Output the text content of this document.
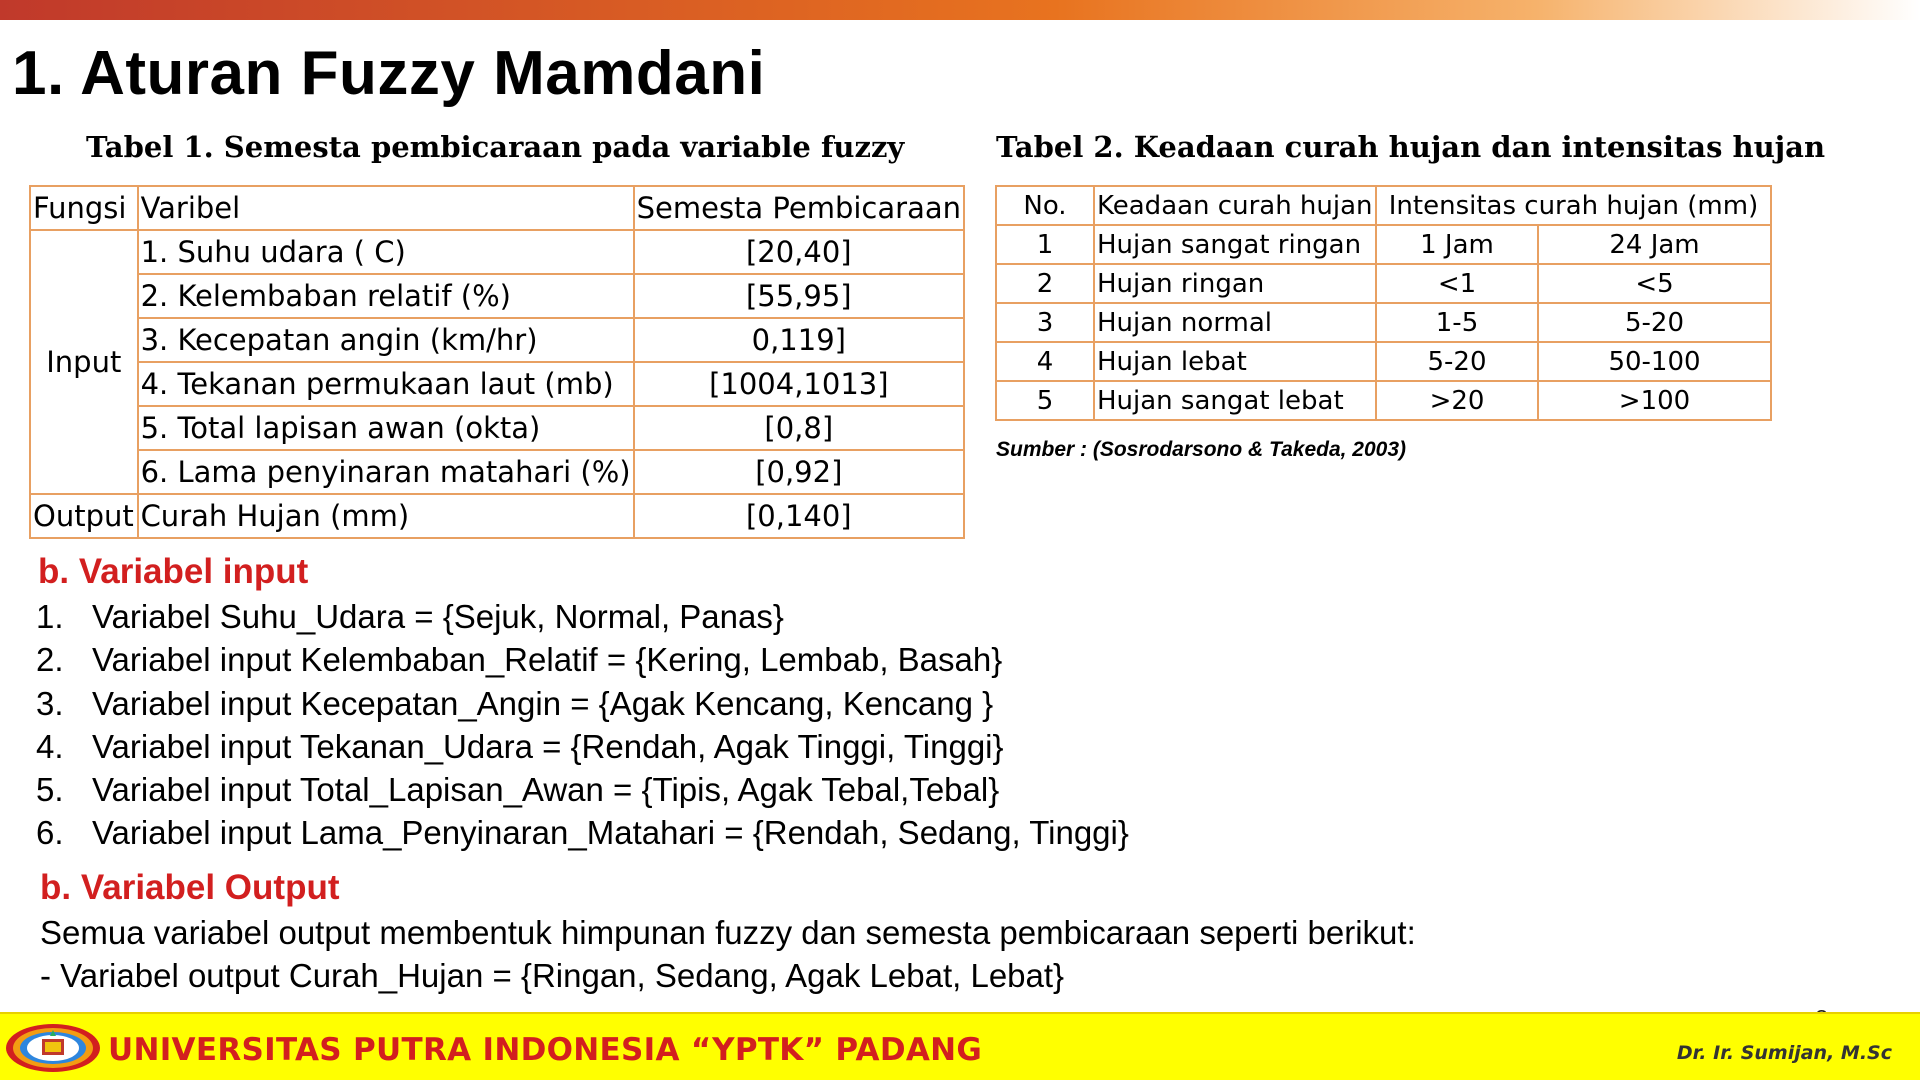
1. Aturan Fuzzy Mamdani
Tabel 1. Semesta pembicaraan pada variable fuzzy	Tabel 2. Keadaan curah hujan dan intensitas hujan
Fungsi	Varibel	Semesta Pembicaraan
Input	1. Suhu udara ( C)	[20,40]
	2. Kelembaban relatif (%)	[55,95]
	3. Kecepatan angin (km/hr)	0,119]
	4. Tekanan permukaan laut (mb)	[1004,1013]
	5. Total lapisan awan (okta)	[0,8]
	6. Lama penyinaran matahari (%)	[0,92]
Output	Curah Hujan (mm)	[0,140]
No.	Keadaan curah hujan	Intensitas curah hujan (mm)	
1	Hujan sangat ringan	1 Jam	24 Jam
2	Hujan ringan	<1	<5
3	Hujan normal	1-5	5-20
4	Hujan lebat	5-20	50-100
5	Hujan sangat lebat	>20	>100
Sumber : (Sosrodarsono & Takeda, 2003)
b. Variabel input
1. Variabel Suhu_Udara = {Sejuk, Normal, Panas}
2. Variabel input Kelembaban_Relatif = {Kering, Lembab, Basah}
3. Variabel input Kecepatan_Angin = {Agak Kencang, Kencang }
4. Variabel input Tekanan_Udara = {Rendah, Agak Tinggi, Tinggi}
5. Variabel input Total_Lapisan_Awan = {Tipis, Agak Tebal,Tebal}
6. Variabel input Lama_Penyinaran_Matahari = {Rendah, Sedang, Tinggi}
b. Variabel Output
Semua variabel output membentuk himpunan fuzzy dan semesta pembicaraan seperti berikut:
- Variabel output Curah_Hujan = {Ringan, Sedang, Agak Lebat, Lebat}
UNIVERSITAS PUTRA INDONESIA “YPTK” PADANG	Dr. Ir. Sumijan, M.Sc
